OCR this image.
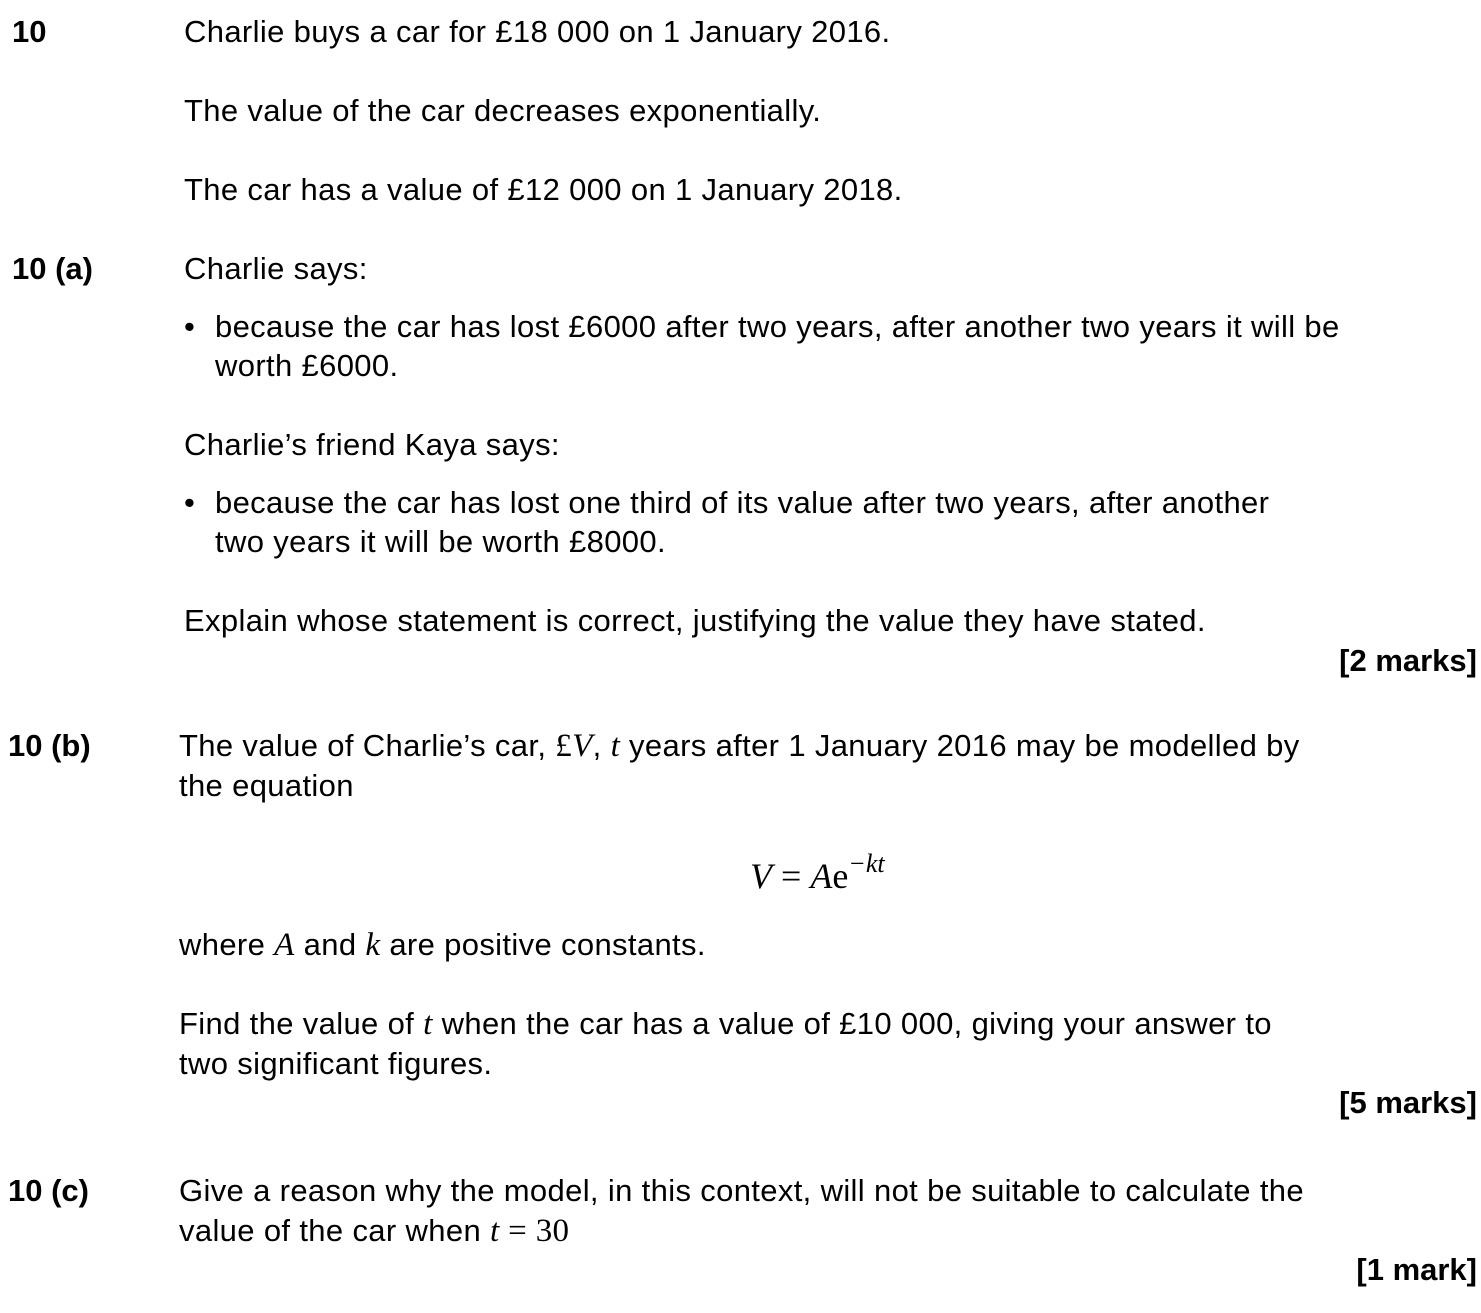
10	Charlie buys a car for £18 000 on 1 January 2016.
The value of the car decreases exponentially.
The car has a value of £12 000 on 1 January 2018.
10 (a)	Charlie says:
• because the car has lost £6000 after two years, after another two years it will be
worth £6000.
Charlie’s friend Kaya says:
• because the car has lost one third of its value after two years, after another
two years it will be worth £8000.
Explain whose statement is correct, justifying the value they have stated.
[2 marks]
10 (b)	The value of Charlie’s car, £V, t years after 1 January 2016 may be modelled by
the equation
$V = Ae^{-kt}$
where A and k are positive constants.
Find the value of t when the car has a value of £10 000, giving your answer to
two significant figures.
[5 marks]
10 (c)	Give a reason why the model, in this context, will not be suitable to calculate the
value of the car when t = 30
[1 mark]
